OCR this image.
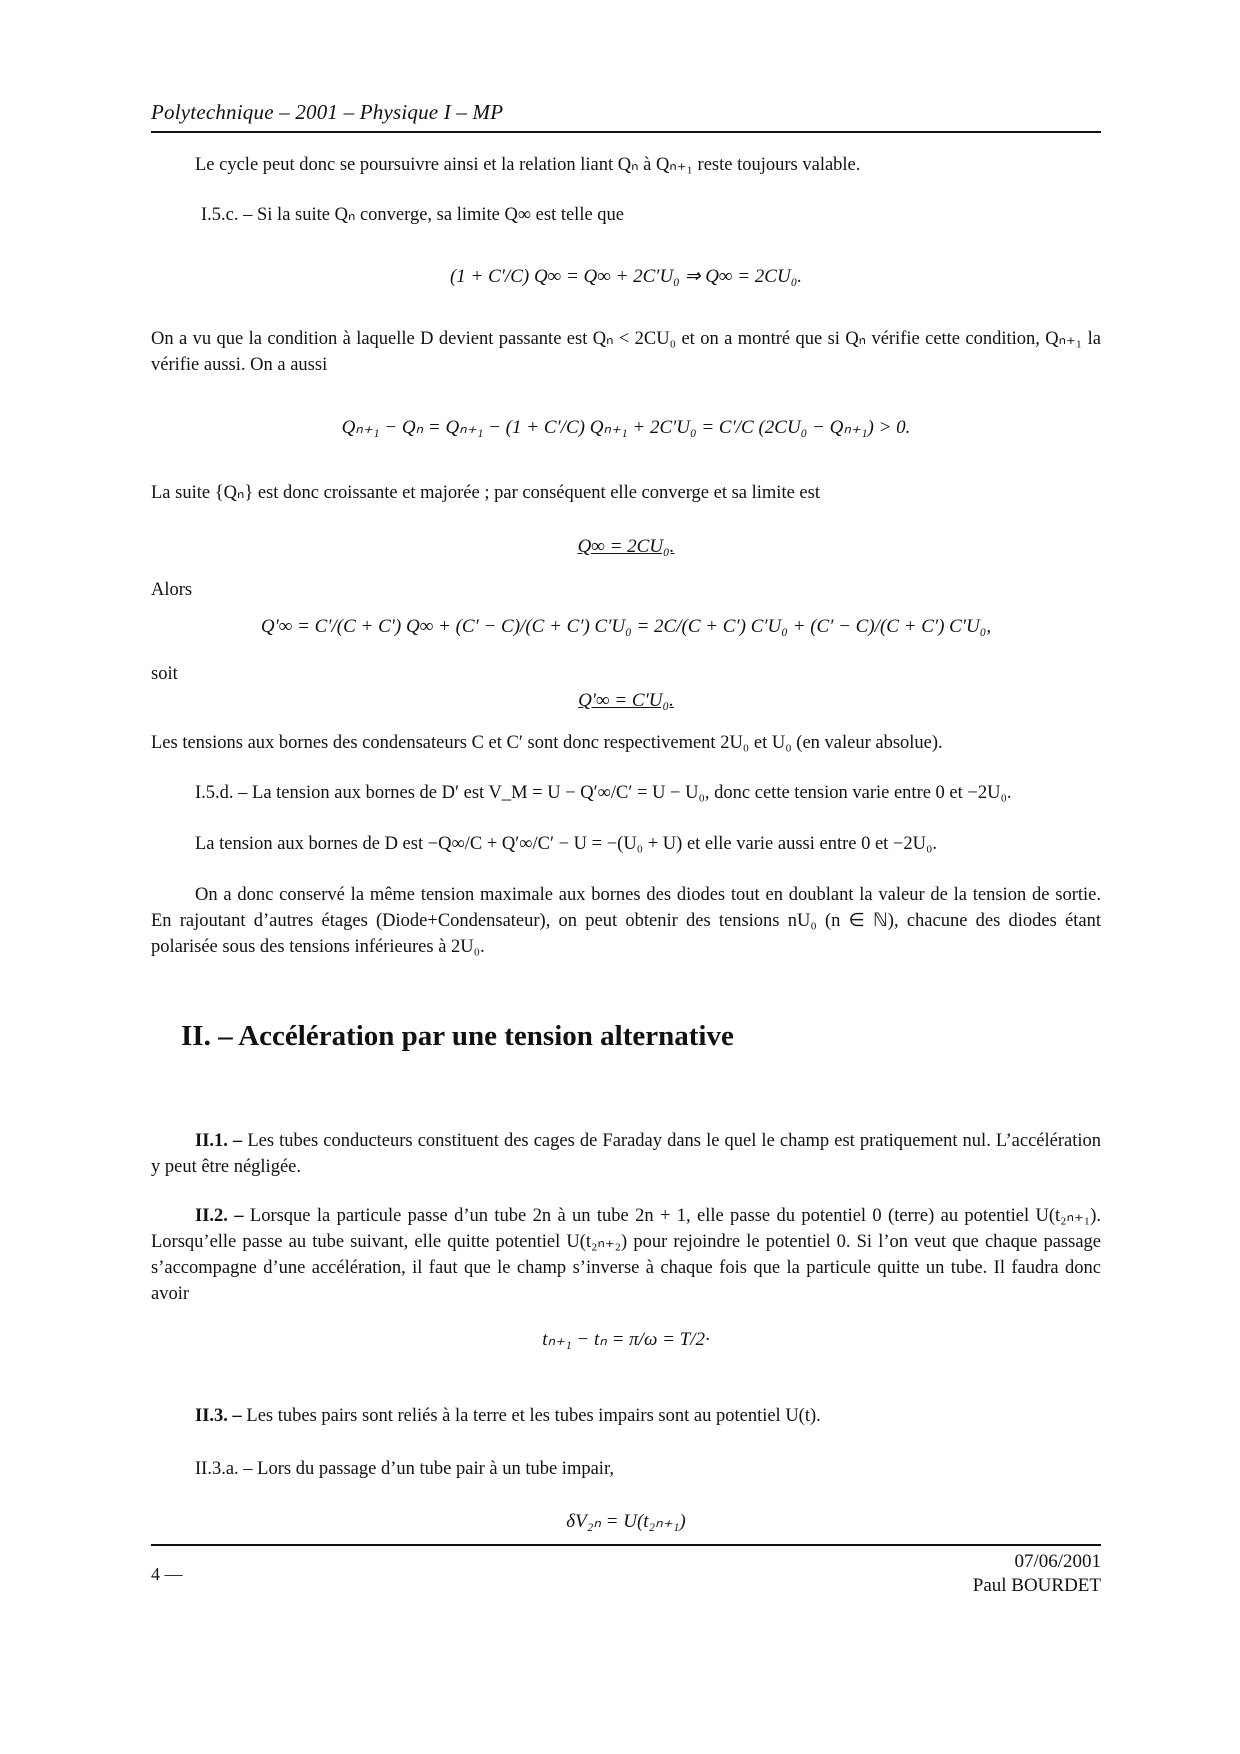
Polytechnique – 2001 – Physique I – MP

Le cycle peut donc se poursuivre ainsi et la relation liant Qₙ à Qₙ₊₁ reste toujours valable.

I.5.c. – Si la suite Qₙ converge, sa limite Q∞ est telle que

(1 + C′/C) Q∞ = Q∞ + 2C′U₀ ⇒ Q∞ = 2CU₀.

On a vu que la condition à laquelle D devient passante est Qₙ < 2CU₀ et on a montré que si Qₙ vérifie cette condition, Qₙ₊₁ la vérifie aussi. On a aussi

Qₙ₊₁ − Qₙ = Qₙ₊₁ − (1 + C′/C) Qₙ₊₁ + 2C′U₀ = C′/C (2CU₀ − Qₙ₊₁) > 0.

La suite {Qₙ} est donc croissante et majorée ; par conséquent elle converge et sa limite est

Q∞ = 2CU₀.
Alors
Q′∞ = C′/(C + C′) Q∞ + (C′ − C)/(C + C′) C′U₀ = 2C/(C + C′) C′U₀ + (C′ − C)/(C + C′) C′U₀,
soit
Q′∞ = C′U₀.

Les tensions aux bornes des condensateurs C et C′ sont donc respectivement 2U₀ et U₀ (en valeur absolue).

I.5.d. – La tension aux bornes de D′ est V_M = U − Q′∞/C′ = U − U₀, donc cette tension varie entre 0 et −2U₀.

La tension aux bornes de D est −Q∞/C + Q′∞/C′ − U = −(U₀ + U) et elle varie aussi entre 0 et −2U₀.

On a donc conservé la même tension maximale aux bornes des diodes tout en doublant la valeur de la tension de sortie. En rajoutant d’autres étages (Diode+Condensateur), on peut obtenir des tensions nU₀ (n ∈ ℕ), chacune des diodes étant polarisée sous des tensions inférieures à 2U₀.

II. – Accélération par une tension alternative

II.1. – Les tubes conducteurs constituent des cages de Faraday dans le quel le champ est pratiquement nul. L’accélération y peut être négligée.

II.2. – Lorsque la particule passe d’un tube 2n à un tube 2n + 1, elle passe du potentiel 0 (terre) au potentiel U(t₂ₙ₊₁). Lorsqu’elle passe au tube suivant, elle quitte potentiel U(t₂ₙ₊₂) pour rejoindre le potentiel 0. Si l’on veut que chaque passage s’accompagne d’une accélération, il faut que le champ s’inverse à chaque fois que la particule quitte un tube. Il faudra donc avoir

tₙ₊₁ − tₙ = π/ω = T/2·

II.3. – Les tubes pairs sont reliés à la terre et les tubes impairs sont au potentiel U(t).

II.3.a. – Lors du passage d’un tube pair à un tube impair,

δV₂ₙ = U(t₂ₙ₊₁)
4 —
07/06/2001
Paul BOURDET
